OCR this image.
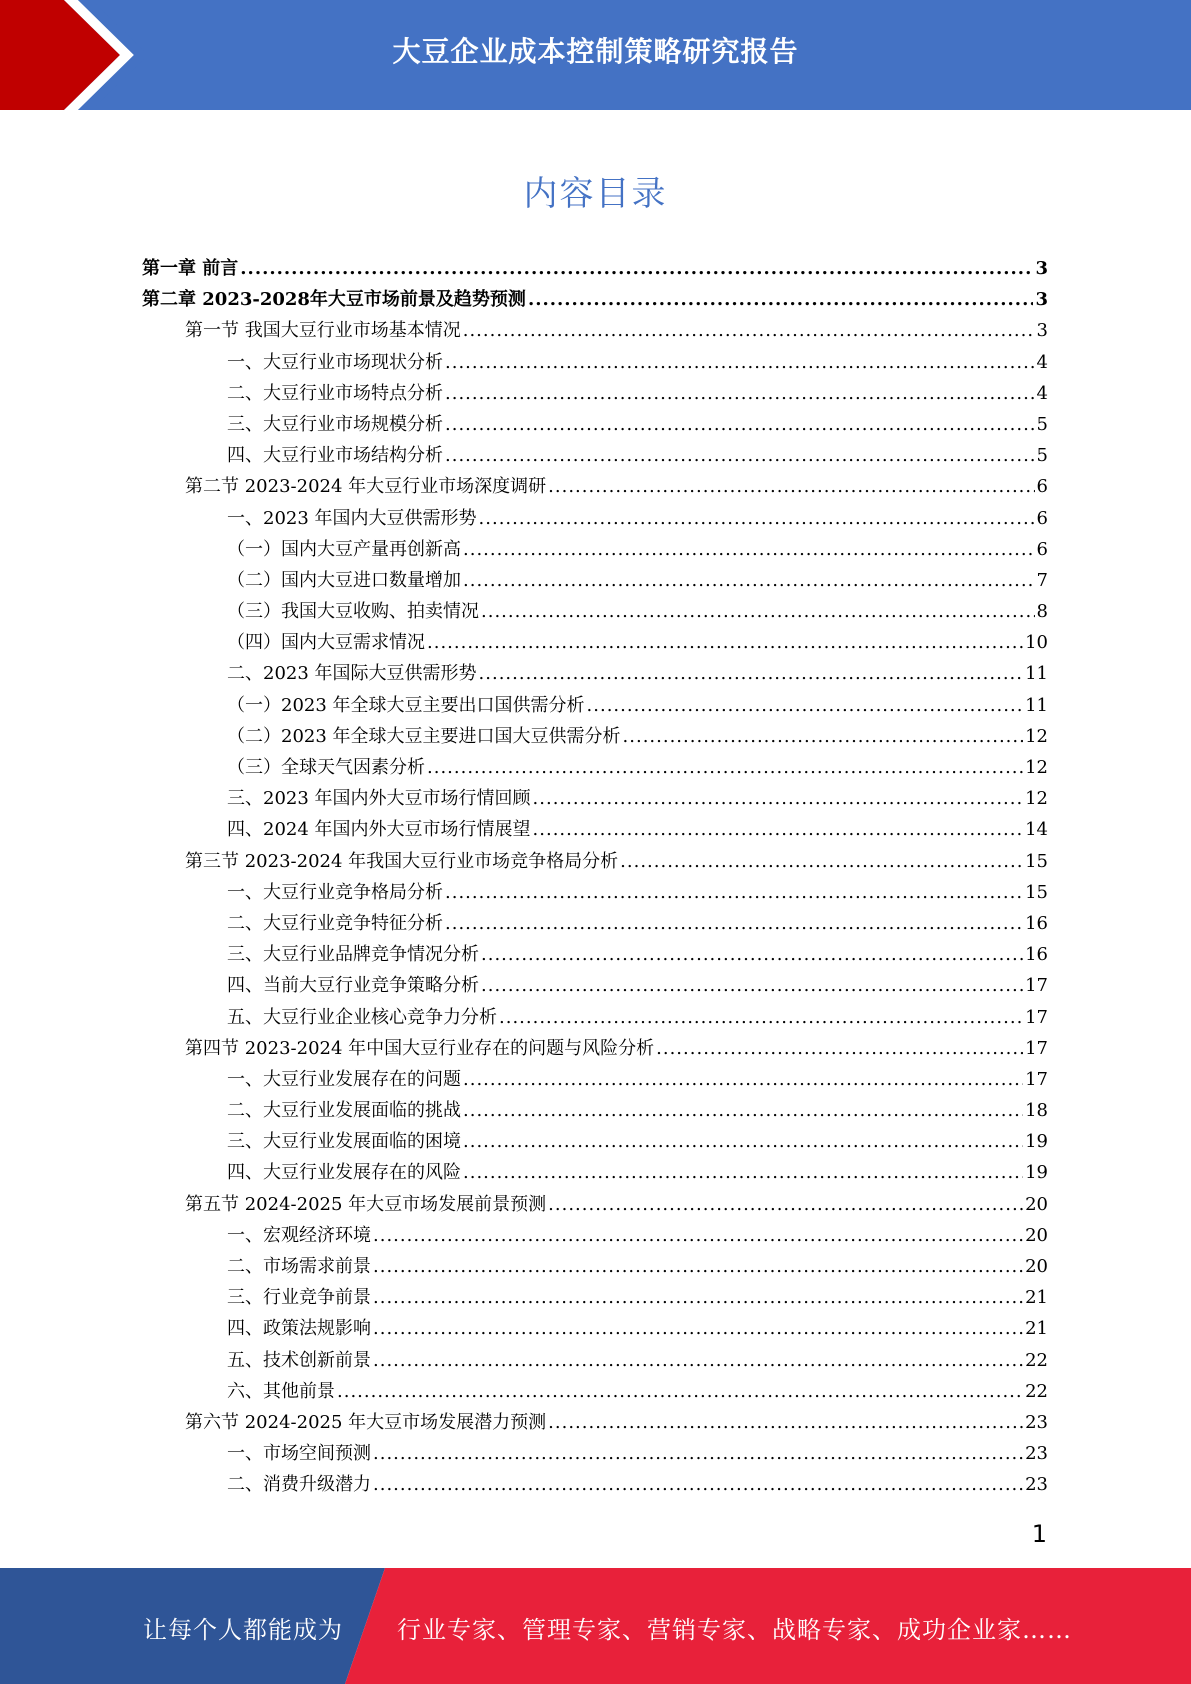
大豆企业成本控制策略研究报告
内容目录
第一章 前言 .....	3
第二章 2023-2028年大豆市场前景及趋势预测 .....	3
第一节 我国大豆行业市场基本情况 .....	3
一、大豆行业市场现状分析 .....	4
二、大豆行业市场特点分析 .....	4
三、大豆行业市场规模分析 .....	5
四、大豆行业市场结构分析 .....	5
第二节 2023-2024 年大豆行业市场深度调研 .....	6
一、2023 年国内大豆供需形势 .....	6
（一）国内大豆产量再创新高 .....	6
（二）国内大豆进口数量增加 .....	7
（三）我国大豆收购、拍卖情况 .....	8
（四）国内大豆需求情况 .....	10
二、2023 年国际大豆供需形势 .....	11
（一）2023 年全球大豆主要出口国供需分析 .....	11
（二）2023 年全球大豆主要进口国大豆供需分析 .....	12
（三）全球天气因素分析 .....	12
三、2023 年国内外大豆市场行情回顾 .....	12
四、2024 年国内外大豆市场行情展望 .....	14
第三节 2023-2024 年我国大豆行业市场竞争格局分析 .....	15
一、大豆行业竞争格局分析 .....	15
二、大豆行业竞争特征分析 .....	16
三、大豆行业品牌竞争情况分析 .....	16
四、当前大豆行业竞争策略分析 .....	17
五、大豆行业企业核心竞争力分析 .....	17
第四节 2023-2024 年中国大豆行业存在的问题与风险分析 .....	17
一、大豆行业发展存在的问题 .....	17
二、大豆行业发展面临的挑战 .....	18
三、大豆行业发展面临的困境 .....	19
四、大豆行业发展存在的风险 .....	19
第五节 2024-2025 年大豆市场发展前景预测 .....	20
一、宏观经济环境 .....	20
二、市场需求前景 .....	20
三、行业竞争前景 .....	21
四、政策法规影响 .....	21
五、技术创新前景 .....	22
六、其他前景 .....	22
第六节 2024-2025 年大豆市场发展潜力预测 .....	23
一、市场空间预测 .....	23
二、消费升级潜力 .....	23
1
让每个人都能成为 行业专家、管理专家、营销专家、战略专家、成功企业家……
